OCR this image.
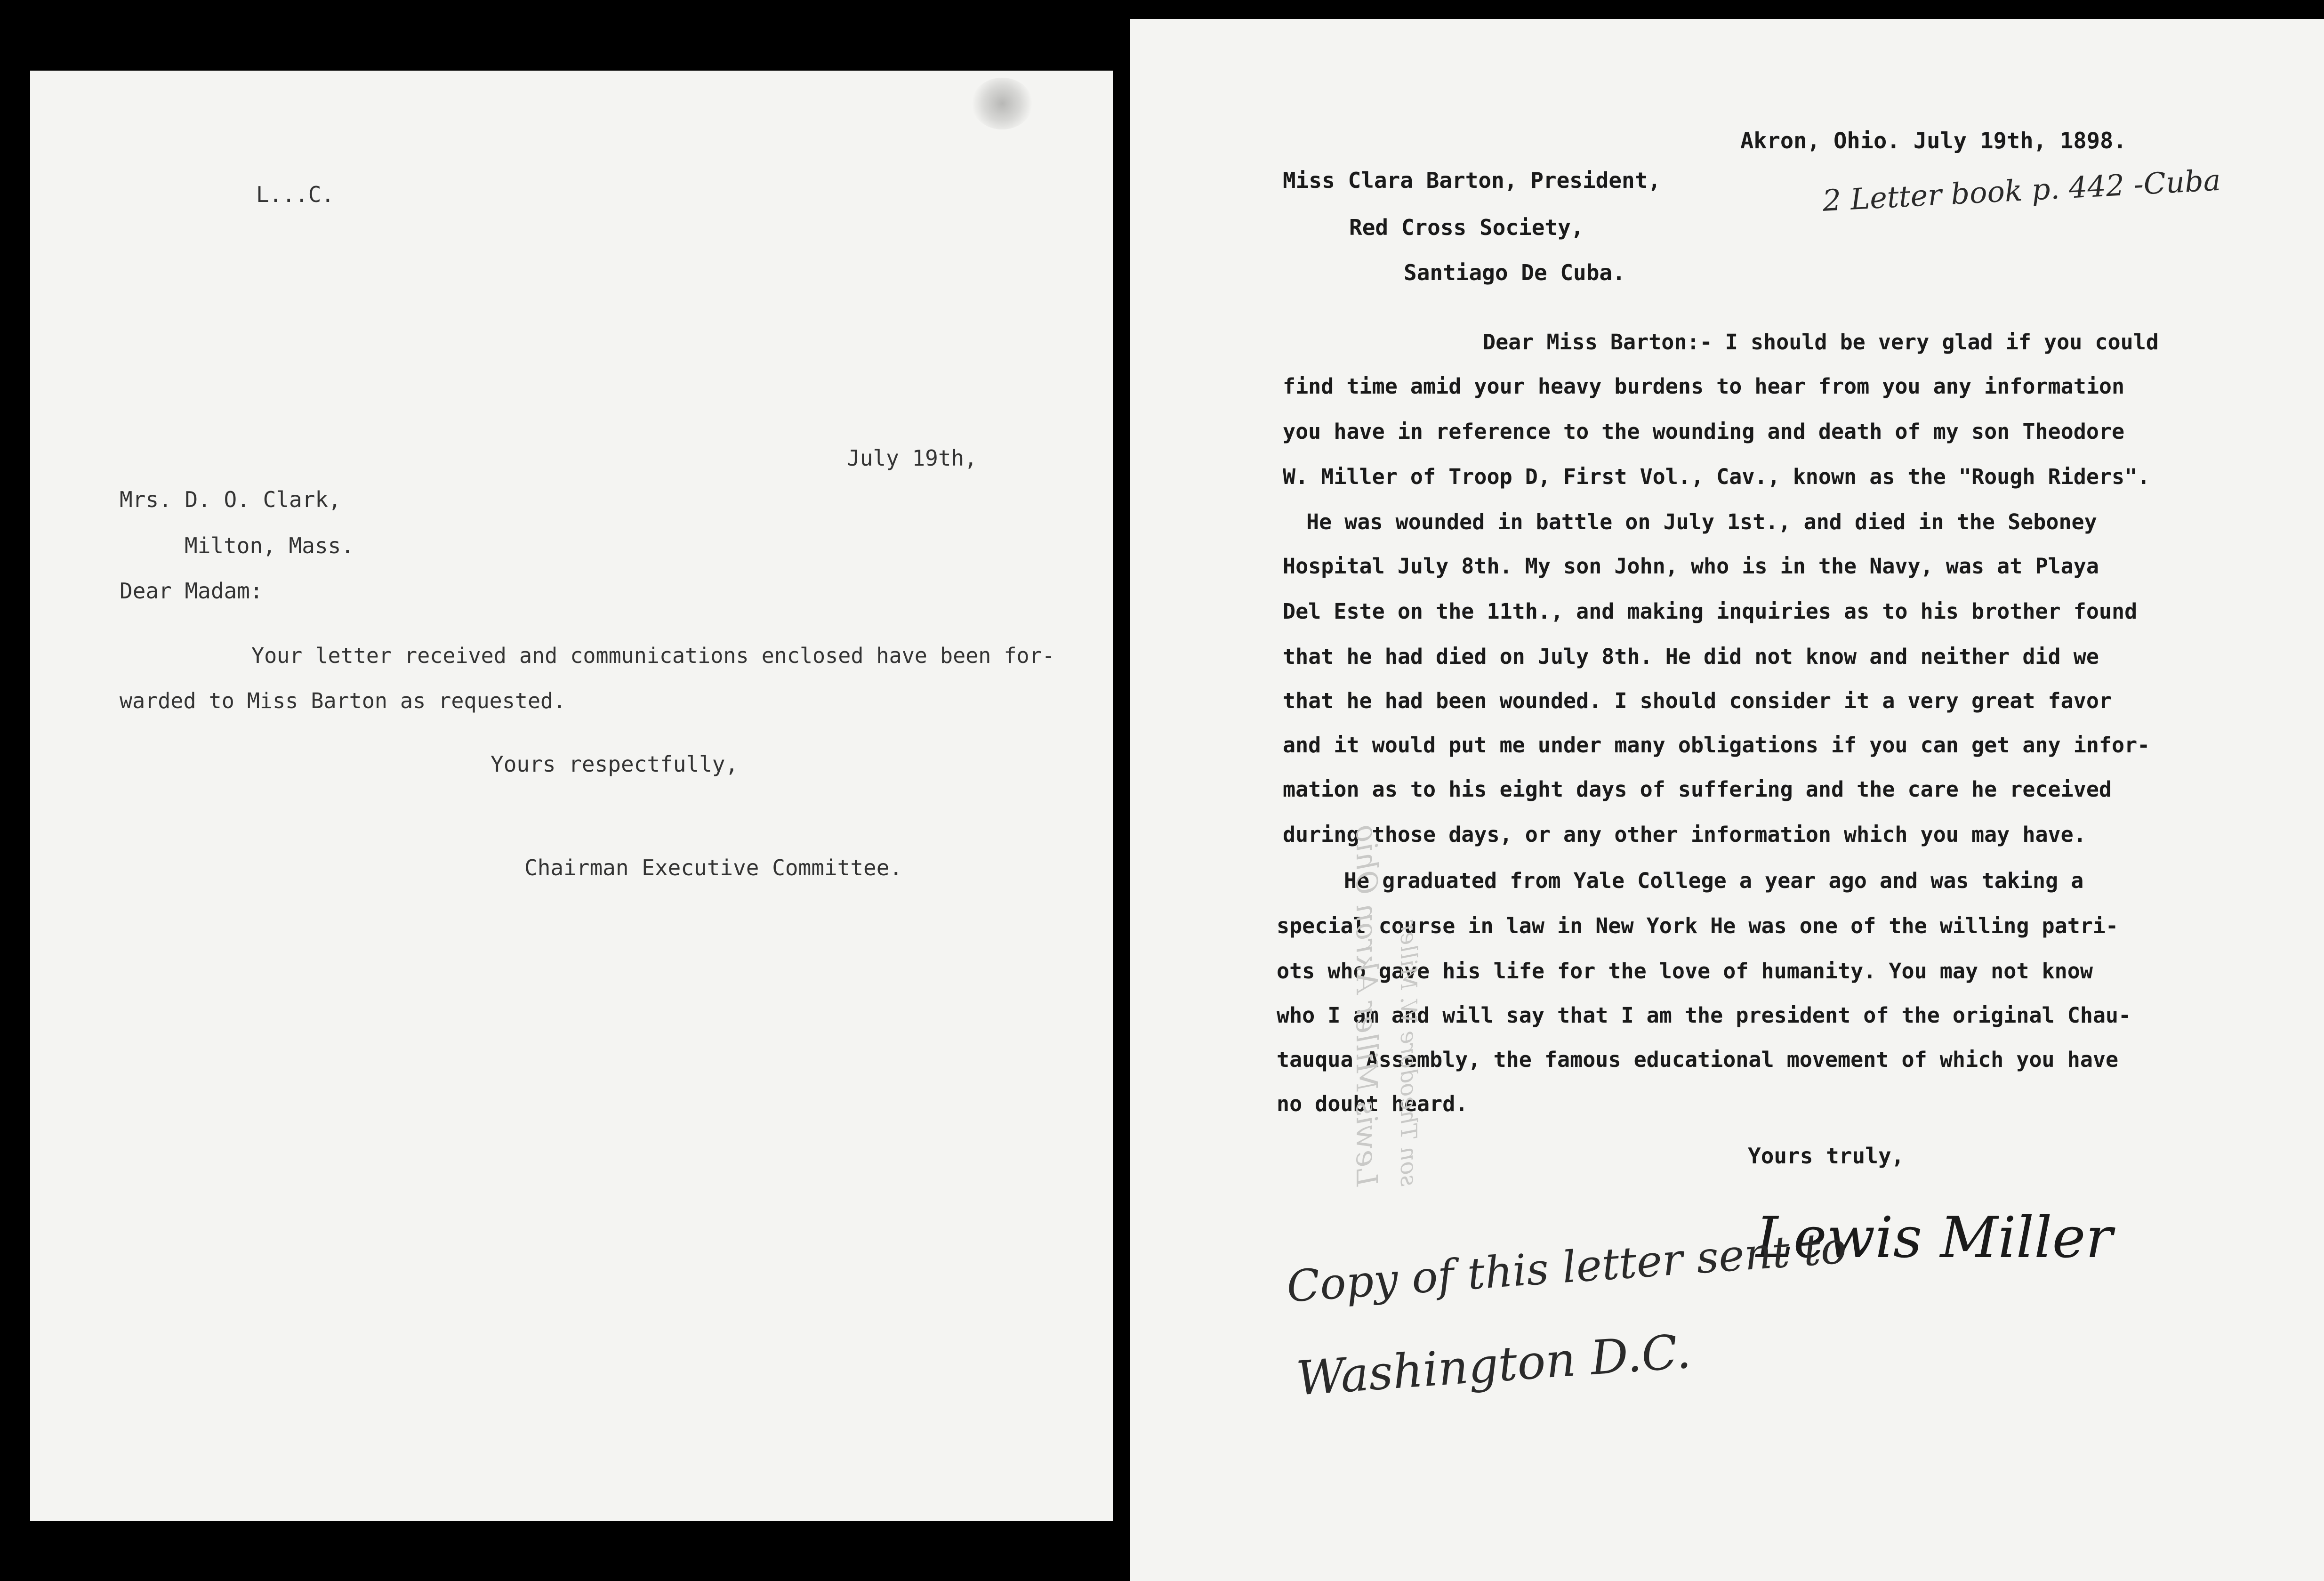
L...C.
July 19th,
Mrs. D. O. Clark,
Milton, Mass.
Dear Madam:
Your letter received and communications enclosed have been for-
warded to Miss Barton as requested.
Yours respectfully,
Chairman Executive Committee.
Akron, Ohio. July 19th, 1898.
2 Letter book p. 442 -Cuba
Miss Clara Barton, President,
Red Cross Society,
Santiago De Cuba.
Dear Miss Barton:- I should be very glad if you could
find time amid your heavy burdens to hear from you any information
you have in reference to the wounding and death of my son Theodore
W. Miller of Troop D, First Vol., Cav., known as the "Rough Riders".
He was wounded in battle on July 1st., and died in the Seboney
Hospital July 8th. My son John, who is in the Navy, was at Playa
Del Este on the 11th., and making inquiries as to his brother found
that he had died on July 8th. He did not know and neither did we
that he had been wounded. I should consider it a very great favor
and it would put me under many obligations if you can get any infor-
mation as to his eight days of suffering and the care he received
during those days, or any other information which you may have.
He graduated from Yale College a year ago and was taking a
special course in law in New York He was one of the willing patri-
ots who gave his life for the love of humanity. You may not know
who I am and will say that I am the president of the original Chau-
tauqua Assembly, the famous educational movement of which you have
no doubt heard.
Yours truly,
Lewis Miller
Lewis Miller Akron Ohio son Theodore W. Miller
Copy of this letter sent to
Washington D.C.
